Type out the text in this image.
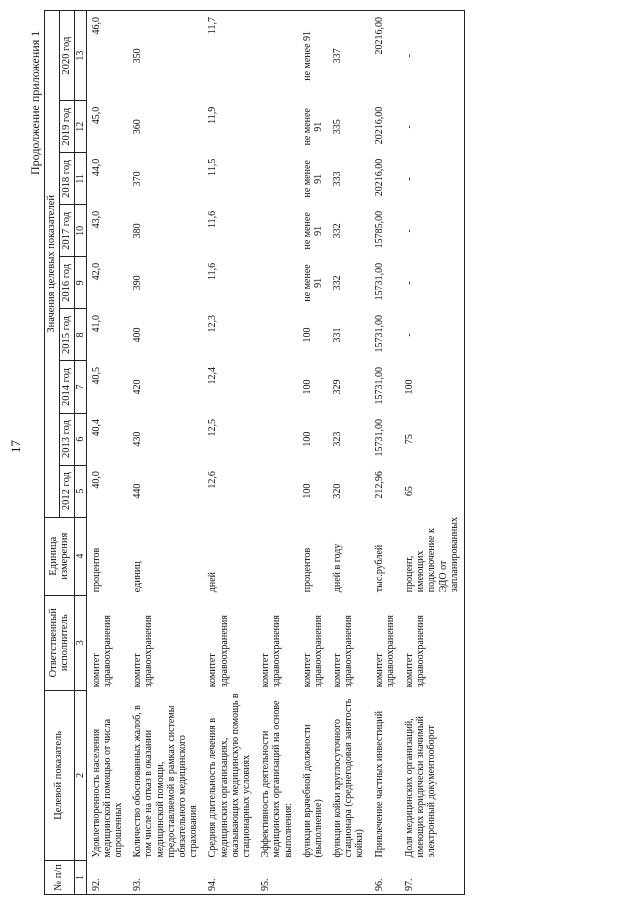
17
Продолжение приложения 1
№ п/п	Целевой показатель	Ответственный исполнитель	Единица измерения	Значения целевых показателей								
				2012 год	2013 год	2014 год	2015 год	2016 год	2017 год	2018 год	2019 год	2020 год
1	2	3	4	5	6	7	8	9	10	11	12	13
92.	Удовлетворенность населения медицинской помощью от числа опрошенных	комитет здравоохранения	процентов	40,0	40,4	40,5	41,0	42,0	43,0	44,0	45,0	46,0
93.	Количество обоснованных жалоб, в том числе на отказ в оказании медицинской помощи, предоставляемой в рамках системы обязательного медицинского страхования	комитет здравоохранения	единиц	440	430	420	400	390	380	370	360	350
94.	Средняя длительность лечения в медицинских организациях, оказывающих медицинскую помощь в стационарных условиях	комитет здравоохранения	дней	12,6	12,5	12,4	12,3	11,6	11,6	11,5	11,9	11,7
95.	Эффективность деятельности медицинских организаций на основе выполнения:	комитет здравоохранения										
	функции врачебной должности (выполнение)	комитет здравоохранения	процентов	100	100	100	100	не менее 91	не менее 91	не менее 91	не менее 91	не менее 91
	функции койки круглосуточного стационара (среднегодовая занятость койки)	комитет здравоохранения	дней в году	320	323	329	331	332	332	333	335	337
96.	Привлечение частных инвестиций	комитет здравоохранения	тыс.рублей	212,96	15731,00	15731,00	15731,00	15731,00	15785,00	20216,00	20216,00	20216,00
97.	Доля медицинских организаций, имеющих юридически значимый электронный документооборот	комитет здравоохранения	процент, имеющих подключение к ЭДО от запланированных	65	75	100	-	-	-	-	-	-
